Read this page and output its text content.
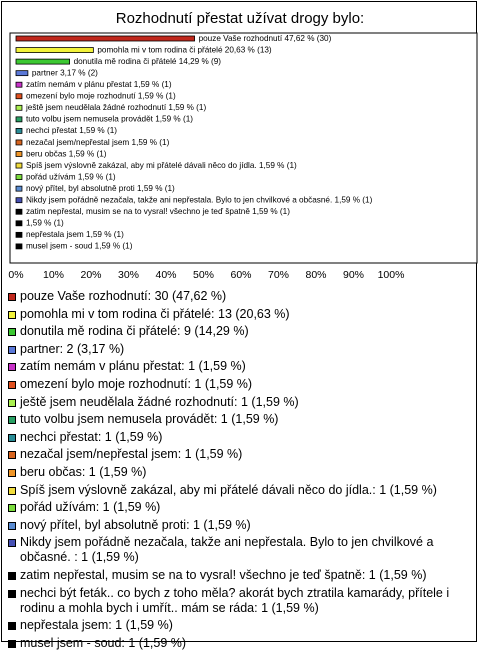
Rozhodnutí přestat užívat drogy bylo:
pouze Vaše rozhodnutí 47,62 % (30)
pomohla mi v tom rodina či přátelé 20,63 % (13)
donutila mě rodina či přátelé 14,29 % (9)
partner 3,17 % (2)
zatím nemám v plánu přestat 1,59 % (1)
omezení bylo moje rozhodnutí 1,59 % (1)
ještě jsem neudělala žádné rozhodnutí 1,59 % (1)
tuto volbu jsem nemusela provádět 1,59 % (1)
nechci přestat 1,59 % (1)
nezačal jsem/nepřestal jsem 1,59 % (1)
beru občas 1,59 % (1)
Spíš jsem výslovně zakázal, aby mi přátelé dávali něco do jídla. 1,59 % (1)
pořád užívám 1,59 % (1)
nový přítel, byl absolutně proti 1,59 % (1)
Nikdy jsem pořádně nezačala, takže ani nepřestala. Bylo to jen chvilkové a občasné. 1,59 % (1)
zatim nepřestal, musim se na to vysral! všechno je teď špatně 1,59 % (1)
1,59 % (1)
nepřestala jsem 1,59 % (1)
musel jsem - soud 1,59 % (1)
0% 10% 20% 30% 40% 50% 60% 70% 80% 90% 100%
pouze Vaše rozhodnutí: 30 (47,62 %)
pomohla mi v tom rodina či přátelé: 13 (20,63 %)
donutila mě rodina či přátelé: 9 (14,29 %)
partner: 2 (3,17 %)
zatím nemám v plánu přestat: 1 (1,59 %)
omezení bylo moje rozhodnutí: 1 (1,59 %)
ještě jsem neudělala žádné rozhodnutí: 1 (1,59 %)
tuto volbu jsem nemusela provádět: 1 (1,59 %)
nechci přestat: 1 (1,59 %)
nezačal jsem/nepřestal jsem: 1 (1,59 %)
beru občas: 1 (1,59 %)
Spíš jsem výslovně zakázal, aby mi přátelé dávali něco do jídla.: 1 (1,59 %)
pořád užívám: 1 (1,59 %)
nový přítel, byl absolutně proti: 1 (1,59 %)
Nikdy jsem pořádně nezačala, takže ani nepřestala. Bylo to jen chvilkové a občasné. : 1 (1,59 %)
zatim nepřestal, musim se na to vysral! všechno je teď špatně: 1 (1,59 %)
nechci být feták.. co bych z toho měla? akorát bych ztratila kamarády, přítele i rodinu a mohla bych i umřít.. mám se ráda: 1 (1,59 %)
nepřestala jsem: 1 (1,59 %)
musel jsem - soud: 1 (1,59 %)
